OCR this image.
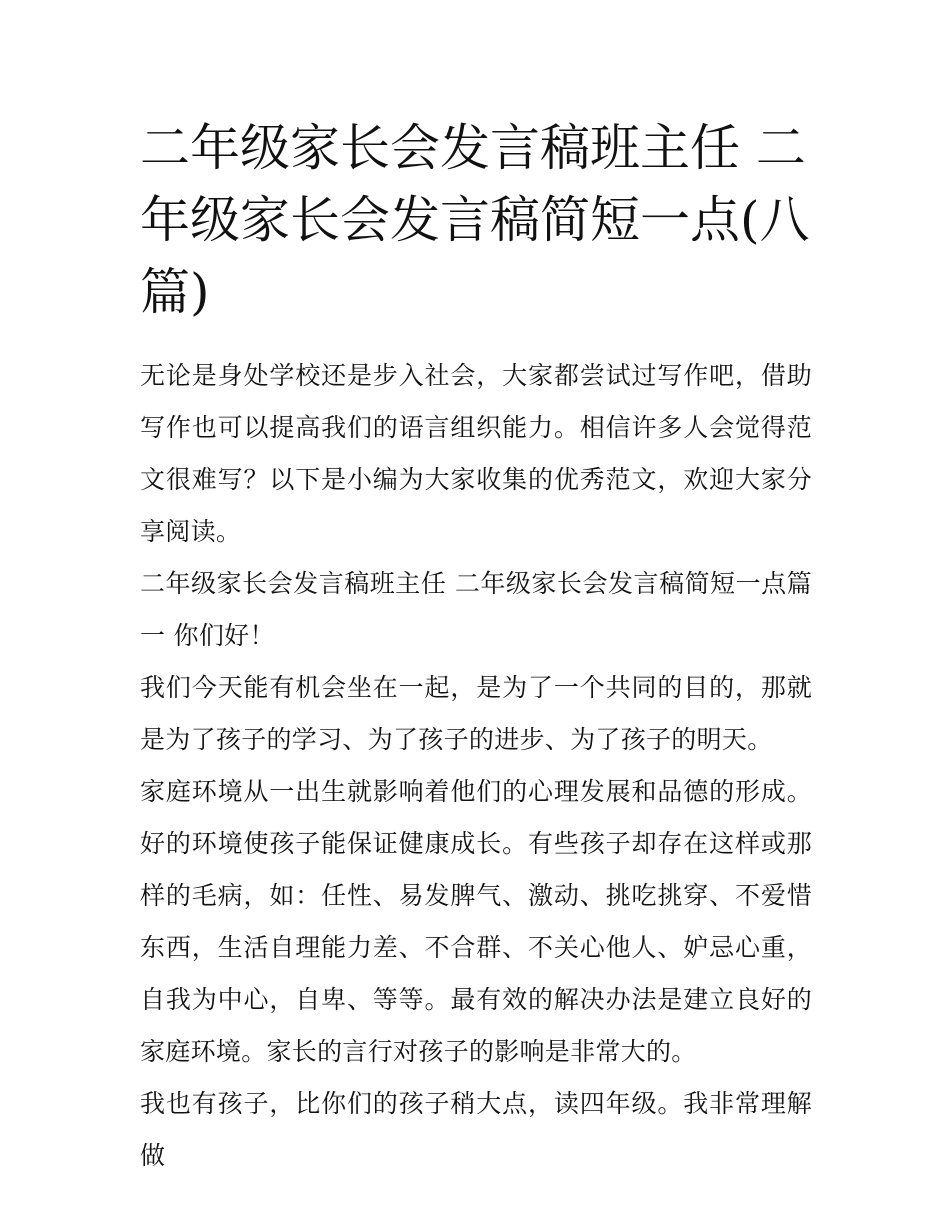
二年级家长会发言稿班主任 二年级家长会发言稿简短一点(八篇)

无论是身处学校还是步入社会，大家都尝试过写作吧，借助写作也可以提高我们的语言组织能力。相信许多人会觉得范文很难写？以下是小编为大家收集的优秀范文，欢迎大家分享阅读。

二年级家长会发言稿班主任 二年级家长会发言稿简短一点篇一 你们好！

我们今天能有机会坐在一起，是为了一个共同的目的，那就是为了孩子的学习、为了孩子的进步、为了孩子的明天。

家庭环境从一出生就影响着他们的心理发展和品德的形成。好的环境使孩子能保证健康成长。有些孩子却存在这样或那样的毛病，如：任性、易发脾气、激动、挑吃挑穿、不爱惜东西，生活自理能力差、不合群、不关心他人、妒忌心重，自我为中心，自卑、等等。最有效的解决办法是建立良好的家庭环境。家长的言行对孩子的影响是非常大的。

我也有孩子，比你们的孩子稍大点，读四年级。我非常理解做
